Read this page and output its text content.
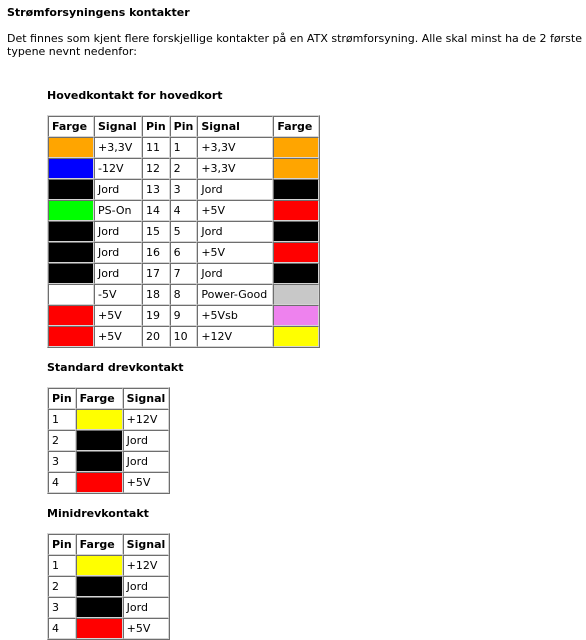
Strømforsyningens kontakter

Det finnes som kjent flere forskjellige kontakter på en ATX strømforsyning. Alle skal minst ha de 2 første typene nevnt nedenfor:

Hovedkontakt for hovedkort
Farge	Signal	Pin	Pin	Signal	Farge
	+3,3V	11	1	+3,3V	
	-12V	12	2	+3,3V	
	Jord	13	3	Jord	
	PS-On	14	4	+5V	
	Jord	15	5	Jord	
	Jord	16	6	+5V	
	Jord	17	7	Jord	
	-5V	18	8	Power-Good	
	+5V	19	9	+5Vsb	
	+5V	20	10	+12V	
Standard drevkontakt
Pin	Farge	Signal
1		+12V
2		Jord
3		Jord
4		+5V
Minidrevkontakt
Pin	Farge	Signal
1		+12V
2		Jord
3		Jord
4		+5V
